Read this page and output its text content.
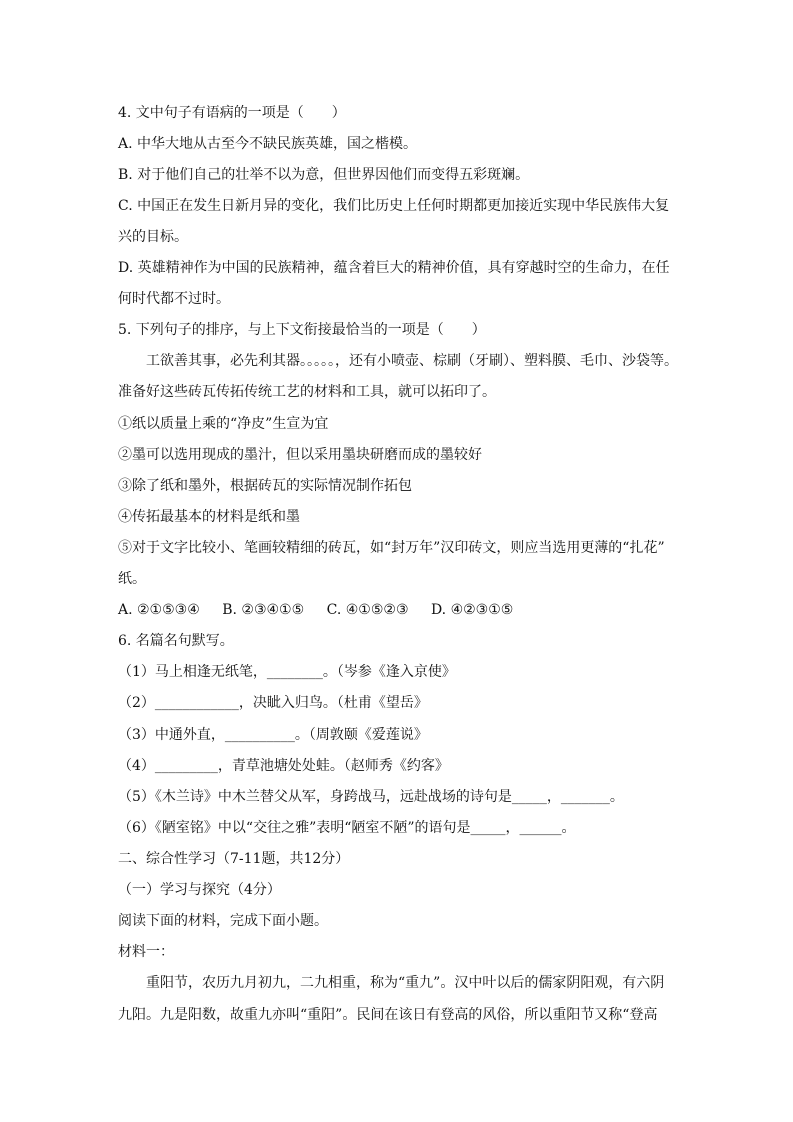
4. 文中句子有语病的一项是（　　）
A. 中华大地从古至今不缺民族英雄，国之楷模。
B. 对于他们自己的壮举不以为意，但世界因他们而变得五彩斑斓。
C. 中国正在发生日新月异的变化，我们比历史上任何时期都更加接近实现中华民族伟大复
兴的目标。
D. 英雄精神作为中国的民族精神，蕴含着巨大的精神价值，具有穿越时空的生命力，在任
何时代都不过时。
5. 下列句子的排序，与上下文衔接最恰当的一项是（　　）
工欲善其事，必先利其器。。。。。，还有小喷壶、棕刷（牙刷）、塑料膜、毛巾、沙袋等。
准备好这些砖瓦传拓传统工艺的材料和工具，就可以拓印了。
①纸以质量上乘的“净皮”生宣为宜
②墨可以选用现成的墨汁，但以采用墨块研磨而成的墨较好
③除了纸和墨外，根据砖瓦的实际情况制作拓包
④传拓最基本的材料是纸和墨
⑤对于文字比较小、笔画较精细的砖瓦，如“封万年”汉印砖文，则应当选用更薄的“扎花”
纸。
A. ②①⑤③④ B. ②③④①⑤ C. ④①⑤②③ D. ④②③①⑤
6. 名篇名句默写。
（1）马上相逢无纸笔，________。（岑参《逢入京使》
（2）____________，决眦入归鸟。（杜甫《望岳》
（3）中通外直，__________。（周敦颐《爱莲说》
（4）_________，青草池塘处处蛙。（赵师秀《约客》
（5）《木兰诗》中木兰替父从军，身跨战马，远赴战场的诗句是_____，_______。
（6）《陋室铭》中以“交往之雅”表明“陋室不陋”的语句是_____，______。
二、综合性学习（7-11题，共12分）
（一）学习与探究（4分）
阅读下面的材料，完成下面小题。
材料一：
重阳节，农历九月初九，二九相重，称为“重九”。汉中叶以后的儒家阴阳观，有六阴
九阳。九是阳数，故重九亦叫“重阳”。民间在该日有登高的风俗，所以重阳节又称“登高
